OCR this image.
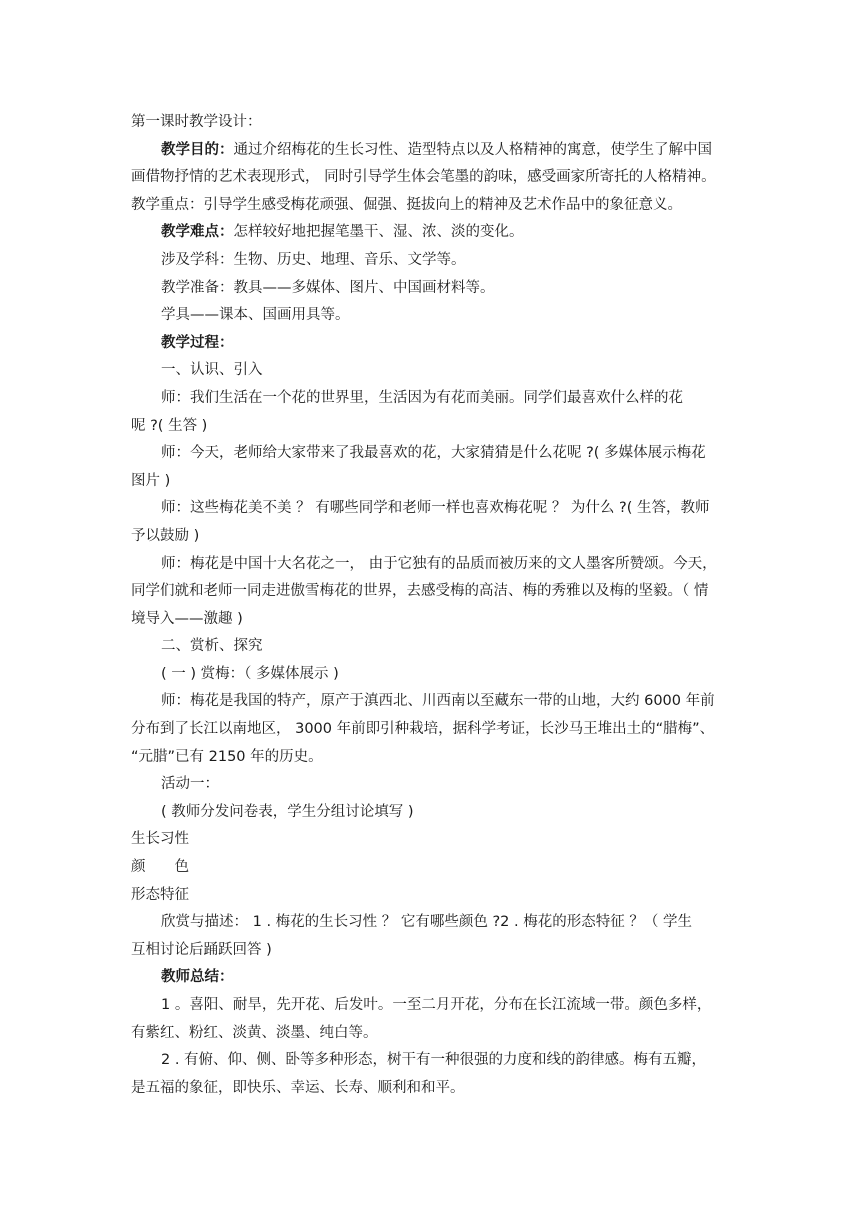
第一课时教学设计：
教学目的：通过介绍梅花的生长习性、造型特点以及人格精神的寓意，使学生了解中国
画借物抒情的艺术表现形式， 同时引导学生体会笔墨的韵味，感受画家所寄托的人格精神。
教学重点：引导学生感受梅花顽强、倔强、挺拔向上的精神及艺术作品中的象征意义。
教学难点：怎样较好地把握笔墨干、湿、浓、淡的变化。
涉及学科：生物、历史、地理、音乐、文学等。
教学准备：教具——多媒体、图片、中国画材料等。
学具——课本、国画用具等。
教学过程：
一、认识、引入
师：我们生活在一个花的世界里，生活因为有花而美丽。同学们最喜欢什么样的花
呢 ?( 生答 )
师：今天，老师给大家带来了我最喜欢的花，大家猜猜是什么花呢 ?( 多媒体展示梅花
图片 )
师：这些梅花美不美 ？ 有哪些同学和老师一样也喜欢梅花呢 ？ 为什么 ?( 生答，教师
予以鼓励 )
师：梅花是中国十大名花之一， 由于它独有的品质而被历来的文人墨客所赞颂。今天，
同学们就和老师一同走进傲雪梅花的世界，去感受梅的高洁、梅的秀雅以及梅的坚毅。（ 情
境导入——激趣 )
二、赏析、探究
( 一 ) 赏梅：（ 多媒体展示 )
师：梅花是我国的特产，原产于滇西北、川西南以至藏东一带的山地，大约 6000 年前
分布到了长江以南地区， 3000 年前即引种栽培，据科学考证，长沙马王堆出土的“腊梅”、
“元腊”已有 2150 年的历史。
活动一：
( 教师分发问卷表，学生分组讨论填写 )
生长习性
颜　　色
形态特征
欣赏与描述： 1 . 梅花的生长习性 ？ 它有哪些颜色 ?2 . 梅花的形态特征 ？（ 学生
互相讨论后踊跃回答 )
教师总结：
1 。喜阳、耐旱，先开花、后发叶。一至二月开花，分布在长江流域一带。颜色多样，
有紫红、粉红、淡黄、淡墨、纯白等。
2 . 有俯、仰、侧、卧等多种形态，树干有一种很强的力度和线的韵律感。梅有五瓣，
是五福的象征，即快乐、幸运、长寿、顺利和和平。
